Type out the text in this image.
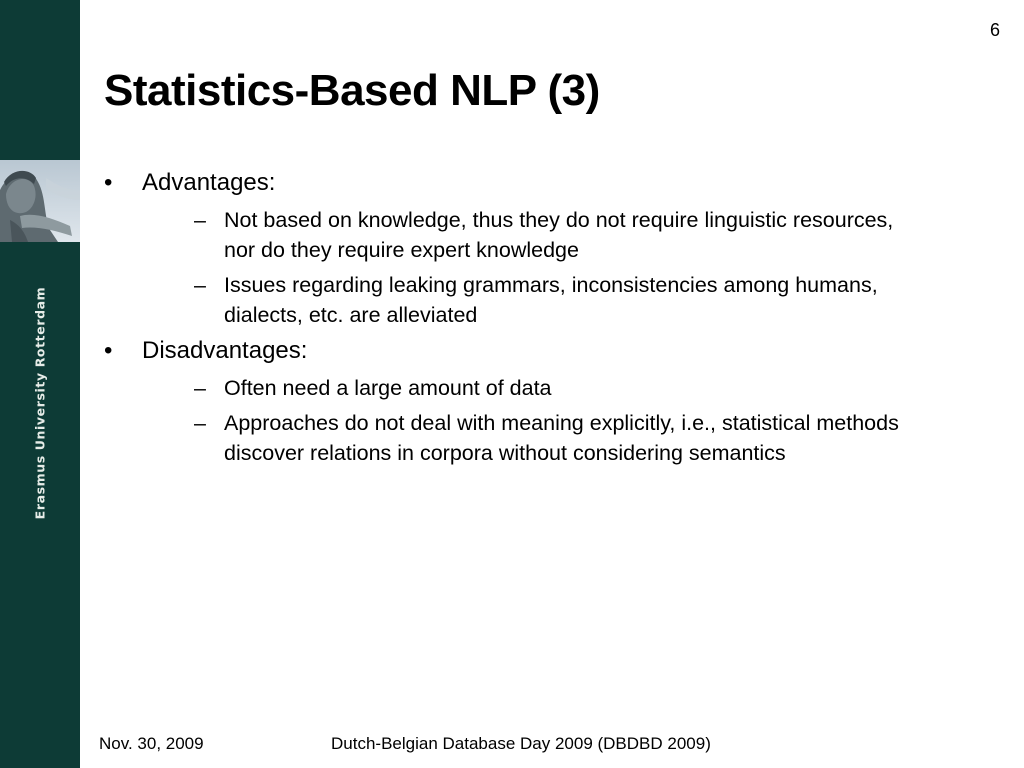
Erasmus University Rotterdam
6
Statistics-Based NLP (3)
• Advantages:
– Not based on knowledge, thus they do not require linguistic resources, nor do they require expert knowledge
– Issues regarding leaking grammars, inconsistencies among humans, dialects, etc. are alleviated
• Disadvantages:
– Often need a large amount of data
– Approaches do not deal with meaning explicitly, i.e., statistical methods discover relations in corpora without considering semantics
Nov. 30, 2009	Dutch-Belgian Database Day 2009 (DBDBD 2009)
